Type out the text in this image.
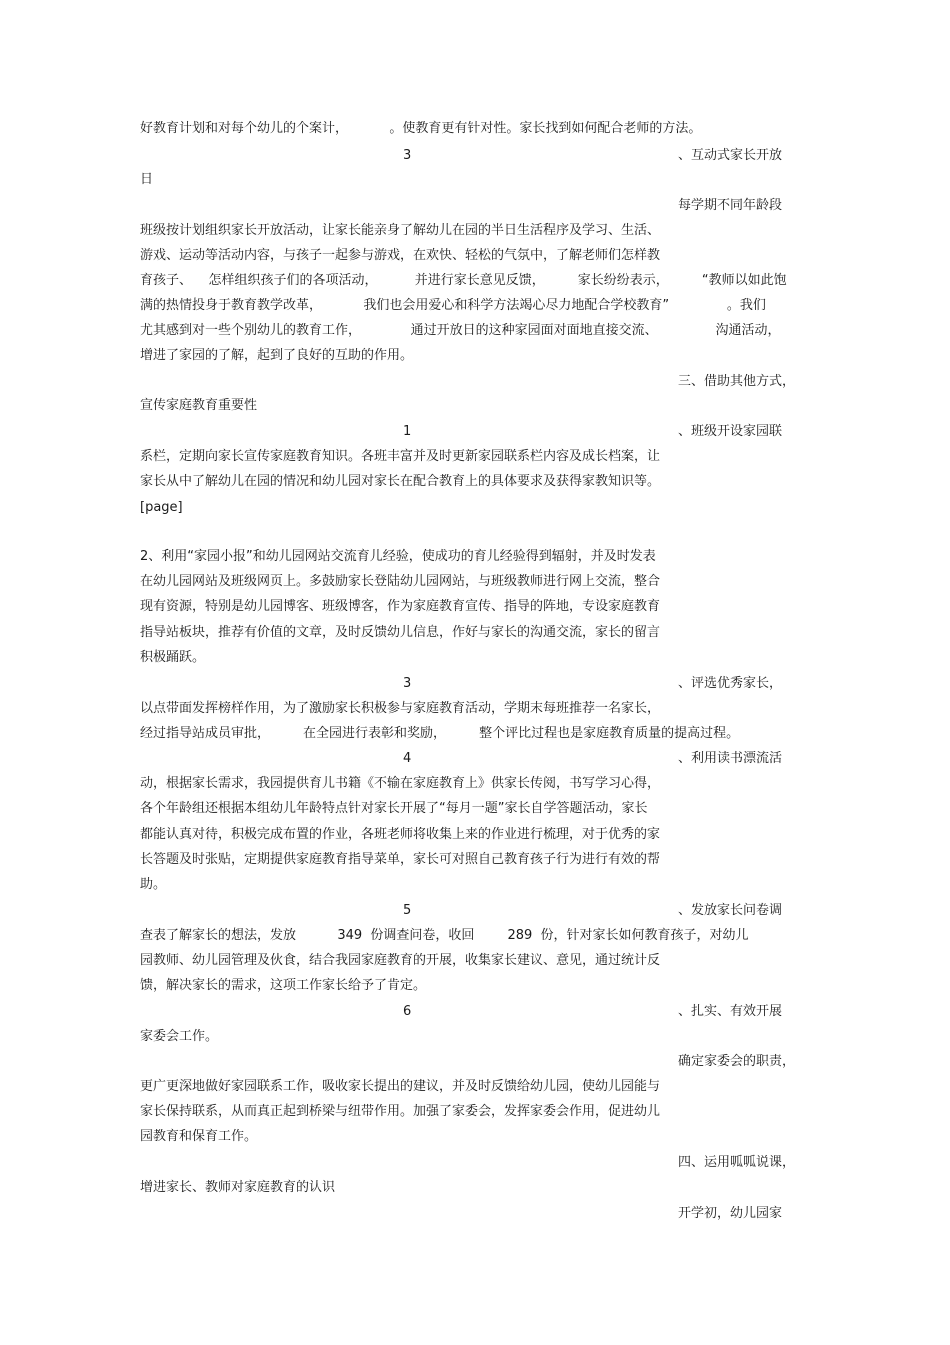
好教育计划和对每个幼儿的个案计，          。使教育更有针对性。家长找到如何配合老师的方法。
3	、互动式家长开放
日
每学期不同年龄段
班级按计划组织家长开放活动，让家长能亲身了解幼儿在园的半日生活程序及学习、生活、
游戏、运动等活动内容，与孩子一起参与游戏，在欢快、轻松的气氛中，了解老师们怎样教
育孩子、    怎样组织孩子们的各项活动，         并进行家长意见反馈，        家长纷纷表示，        “教师以如此饱
满的热情投身于教育教学改革，          我们也会用爱心和科学方法竭心尽力地配合学校教育”              。我们
尤其感到对一些个别幼儿的教育工作，            通过开放日的这种家园面对面地直接交流、              沟通活动，
增进了家园的了解，起到了良好的互助的作用。
三、借助其他方式，
宣传家庭教育重要性
1	、班级开设家园联
系栏，定期向家长宣传家庭教育知识。各班丰富并及时更新家园联系栏内容及成长档案，让
家长从中了解幼儿在园的情况和幼儿园对家长在配合教育上的具体要求及获得家教知识等。
[page]
2、利用“家园小报”和幼儿园网站交流育儿经验，使成功的育儿经验得到辐射，并及时发表
在幼儿园网站及班级网页上。多鼓励家长登陆幼儿园网站，与班级教师进行网上交流，整合
现有资源，特别是幼儿园博客、班级博客，作为家庭教育宣传、指导的阵地，专设家庭教育
指导站板块，推荐有价值的文章，及时反馈幼儿信息，作好与家长的沟通交流，家长的留言
积极踊跃。
3	、评选优秀家长，
以点带面发挥榜样作用，为了激励家长积极参与家庭教育活动，学期末每班推荐一名家长，
经过指导站成员审批，        在全园进行表彰和奖励，        整个评比过程也是家庭教育质量的提高过程。
4	、利用读书漂流活
动，根据家长需求，我园提供育儿书籍《不输在家庭教育上》供家长传阅，书写学习心得，
各个年龄组还根据本组幼儿年龄特点针对家长开展了“每月一题”家长自学答题活动，家长
都能认真对待，积极完成布置的作业，各班老师将收集上来的作业进行梳理，对于优秀的家
长答题及时张贴，定期提供家庭教育指导菜单，家长可对照自己教育孩子行为进行有效的帮
助。
5	、发放家长问卷调
查表了解家长的想法，发放          349  份调查问卷，收回        289  份，针对家长如何教育孩子，对幼儿
园教师、幼儿园管理及伙食，结合我园家庭教育的开展，收集家长建议、意见，通过统计反
馈，解决家长的需求，这项工作家长给予了肯定。
6	、扎实、有效开展
家委会工作。
确定家委会的职责，
更广更深地做好家园联系工作，吸收家长提出的建议，并及时反馈给幼儿园，使幼儿园能与
家长保持联系，从而真正起到桥梁与纽带作用。加强了家委会，发挥家委会作用，促进幼儿
园教育和保育工作。
四、运用呱呱说课，
增进家长、教师对家庭教育的认识
开学初，幼儿园家
